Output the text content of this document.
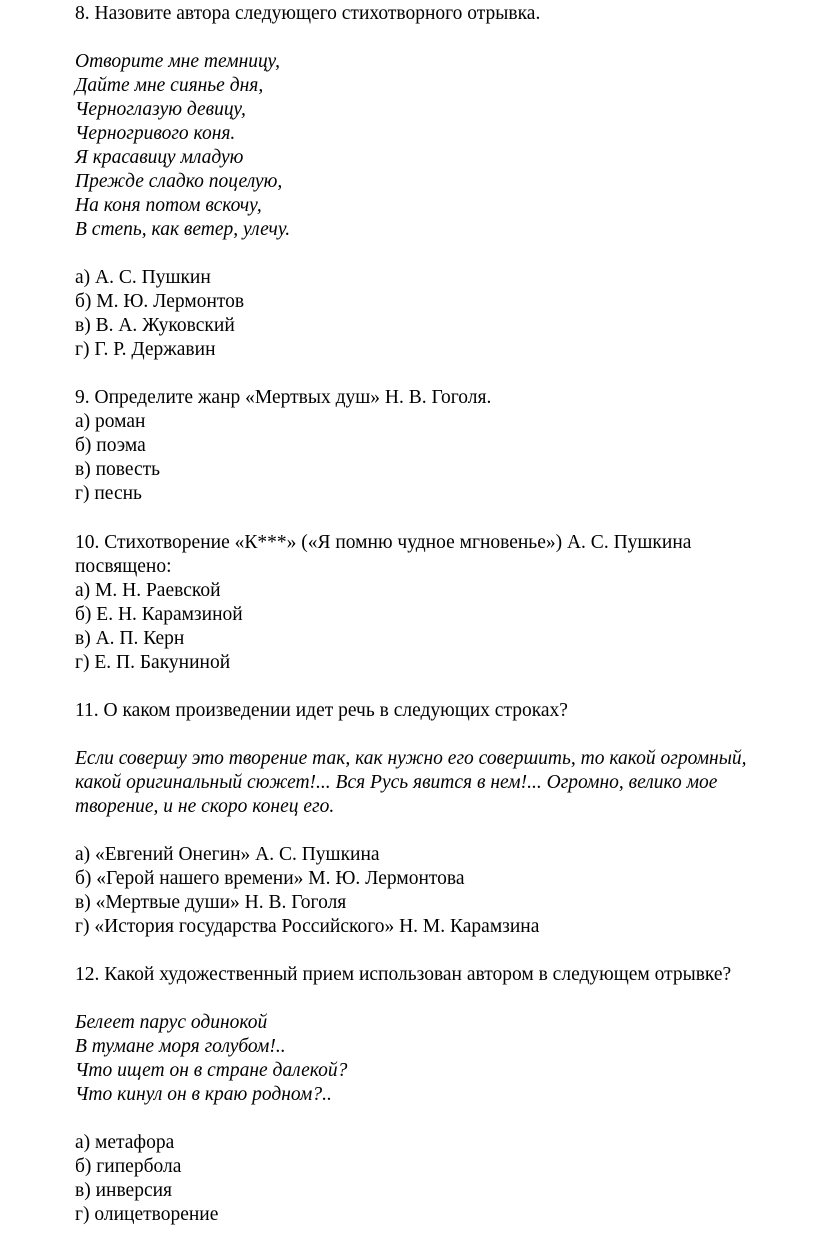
8. Назовите автора следующего стихотворного отрывка.
Отворите мне темницу,
Дайте мне сиянье дня,
Черноглазую девицу,
Черногривого коня.
Я красавицу младую
Прежде сладко поцелую,
На коня потом вскочу,
В степь, как ветер, улечу.
а) А. С. Пушкин
б) М. Ю. Лермонтов
в) В. А. Жуковский
г) Г. Р. Державин
9. Определите жанр «Мертвых душ» Н. В. Гоголя.
а) роман
б) поэма
в) повесть
г) песнь
10. Стихотворение «К***» («Я помню чудное мгновенье») А. С. Пушкина
посвящено:
а) М. Н. Раевской
б) Е. Н. Карамзиной
в) А. П. Керн
г) Е. П. Бакуниной
11. О каком произведении идет речь в следующих строках?
Если совершу это творение так, как нужно его совершить, то какой огромный,
какой оригинальный сюжет!... Вся Русь явится в нем!... Огромно, велико мое
творение, и не скоро конец его.
а) «Евгений Онегин» А. С. Пушкина
б) «Герой нашего времени» М. Ю. Лермонтова
в) «Мертвые души» Н. В. Гоголя
г) «История государства Российского» Н. М. Карамзина
12. Какой художественный прием использован автором в следующем отрывке?
Белеет парус одинокой
В тумане моря голубом!..
Что ищет он в стране далекой?
Что кинул он в краю родном?..
а) метафора
б) гипербола
в) инверсия
г) олицетворение
